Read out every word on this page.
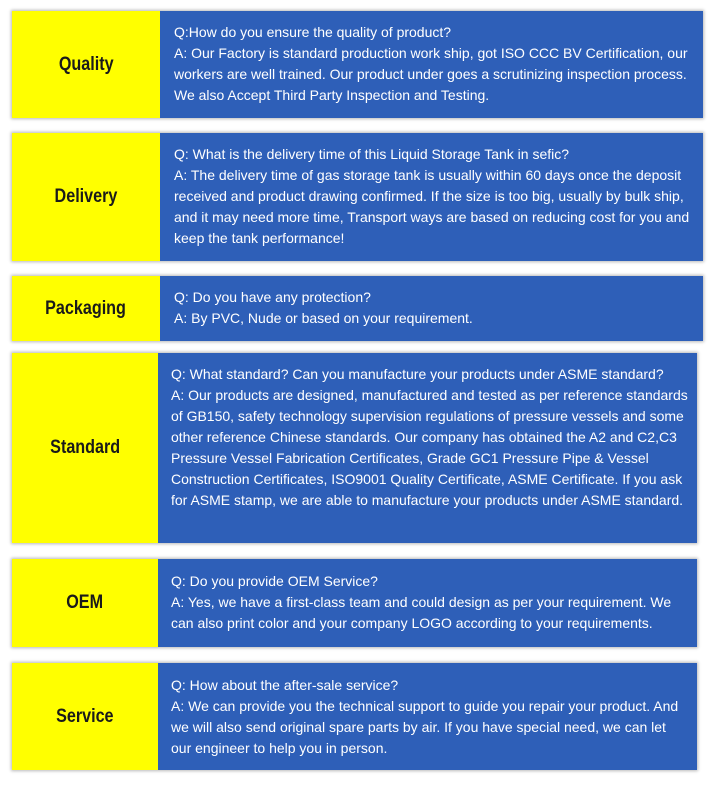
Quality

Q:How do you ensure the quality of product?

A: Our Factory is standard production work ship, got ISO CCC BV Certification, our workers are well trained. Our product under goes a scrutinizing inspection process. We also Accept Third Party Inspection and Testing.

Delivery

Q: What is the delivery time of this Liquid Storage Tank in sefic?

A: The delivery time of gas storage tank is usually within 60 days once the deposit received and product drawing confirmed. If the size is too big, usually by bulk ship, and it may need more time, Transport ways are based on reducing cost for you and keep the tank performance!

Packaging

Q: Do you have any protection?

A: By PVC, Nude or based on your requirement.

Standard

Q: What standard? Can you manufacture your products under ASME standard?

A: Our products are designed, manufactured and tested as per reference standards of GB150, safety technology supervision regulations of pressure vessels and some other reference Chinese standards. Our company has obtained the A2 and C2,C3 Pressure Vessel Fabrication Certificates, Grade GC1 Pressure Pipe & Vessel Construction Certificates, ISO9001 Quality Certificate, ASME Certificate. If you ask for ASME stamp, we are able to manufacture your products under ASME standard.

OEM

Q: Do you provide OEM Service?

A: Yes, we have a first-class team and could design as per your requirement. We can also print color and your company LOGO according to your requirements.

Service

Q: How about the after-sale service?

A: We can provide you the technical support to guide you repair your product. And we will also send original spare parts by air. If you have special need, we can let our engineer to help you in person.
